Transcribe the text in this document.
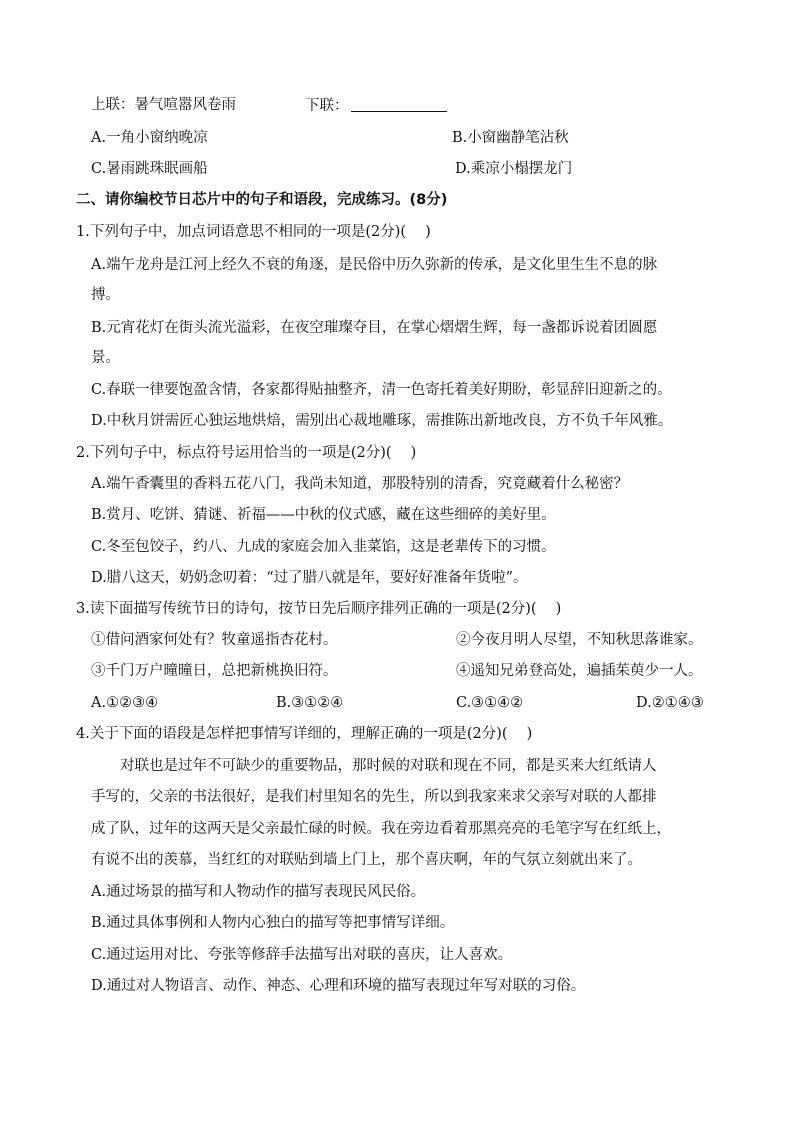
上联：暑气喧嚣风卷雨	下联：
A.一角小窗纳晚凉	B.小窗幽静笔沾秋
C.暑雨跳珠眠画船	D.乘凉小榻摆龙门
二、请你编校节日芯片中的句子和语段，完成练习。(8分)
1.下列句子中，加点词语意思不相同的一项是(2分)(　 )
A.端午龙舟是江河上经久不衰的角逐，是民俗中历久弥新的传承，是文化里生生不息的脉
搏。
B.元宵花灯在街头流光溢彩，在夜空璀璨夺目，在掌心熠熠生辉，每一盏都诉说着团圆愿
景。
C.春联一律要饱盈含情，各家都得贴抽整齐，清一色寄托着美好期盼，彰显辞旧迎新之的。
D.中秋月饼需匠心独运地烘焙，需别出心裁地雕琢，需推陈出新地改良，方不负千年风雅。
2.下列句子中，标点符号运用恰当的一项是(2分)(　 )
A.端午香囊里的香料五花八门，我尚未知道，那股特别的清香，究竟藏着什么秘密？
B.赏月、吃饼、猜谜、祈福——中秋的仪式感，藏在这些细碎的美好里。
C.冬至包饺子，约八、九成的家庭会加入韭菜馅，这是老辈传下的习惯。
D.腊八这天，奶奶念叨着：“过了腊八就是年，要好好准备年货啦”。
3.读下面描写传统节日的诗句，按节日先后顺序排列正确的一项是(2分)(　 )
①借问酒家何处有？牧童遥指杏花村。	②今夜月明人尽望，不知秋思落谁家。
③千门万户曈曈日，总把新桃换旧符。	④遥知兄弟登高处，遍插茱萸少一人。
A.①②③④	B.③①②④	C.③①④②	D.②①④③
4.关于下面的语段是怎样把事情写详细的，理解正确的一项是(2分)(　 )
对联也是过年不可缺少的重要物品，那时候的对联和现在不同，都是买来大红纸请人
手写的，父亲的书法很好，是我们村里知名的先生，所以到我家来求父亲写对联的人都排
成了队，过年的这两天是父亲最忙碌的时候。我在旁边看着那黑亮亮的毛笔字写在红纸上，
有说不出的羡慕，当红红的对联贴到墙上门上，那个喜庆啊，年的气氛立刻就出来了。
A.通过场景的描写和人物动作的描写表现民风民俗。
B.通过具体事例和人物内心独白的描写等把事情写详细。
C.通过运用对比、夸张等修辞手法描写出对联的喜庆，让人喜欢。
D.通过对人物语言、动作、神态、心理和环境的描写表现过年写对联的习俗。
